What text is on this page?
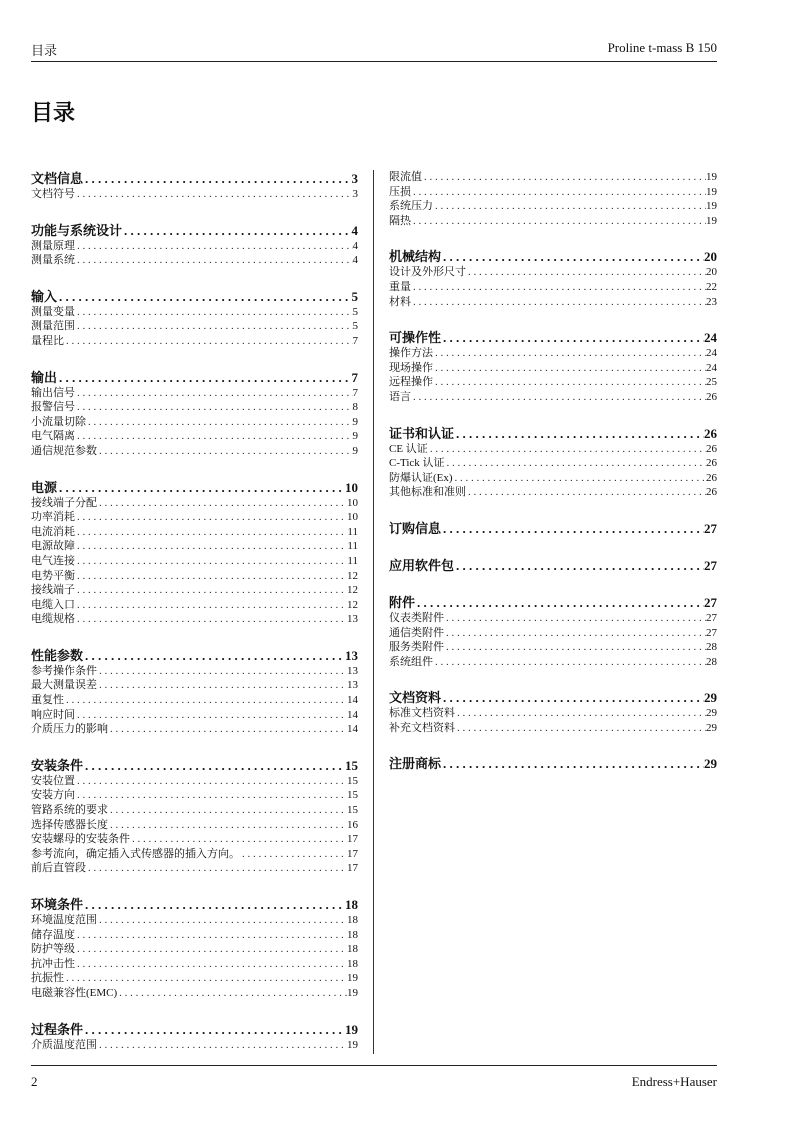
目录	Proline t-mass B 150
目录
文档信息 . . .	3
文档符号 . . .	3
功能与系统设计 . . .	4
测量原理 . . .	4
测量系统 . . .	4
输入 . . .	5
测量变量 . . .	5
测量范围 . . .	5
量程比 . . .	7
输出 . . .	7
输出信号 . . .	7
报警信号 . . .	8
小流量切除 . . .	9
电气隔离 . . .	9
通信规范参数 . . .	9
电源 . . .	10
接线端子分配 . . .	10
功率消耗 . . .	10
电流消耗 . . .	11
电源故障 . . .	11
电气连接 . . .	11
电势平衡 . . .	12
接线端子 . . .	12
电缆入口 . . .	12
电缆规格 . . .	13
性能参数 . . .	13
参考操作条件 . . .	13
最大测量误差 . . .	13
重复性 . . .	14
响应时间 . . .	14
介质压力的影响 . . .	14
安装条件 . . .	15
安装位置 . . .	15
安装方向 . . .	15
管路系统的要求 . . .	15
选择传感器长度 . . .	16
安装螺母的安装条件 . . .	17
参考流向，确定插入式传感器的插入方向。 . . .	17
前后直管段 . . .	17
环境条件 . . .	18
环境温度范围 . . .	18
储存温度 . . .	18
防护等级 . . .	18
抗冲击性 . . .	18
抗振性 . . .	19
电磁兼容性(EMC) . . .	19
过程条件 . . .	19
介质温度范围 . . .	19
限流值 . . .	19
压损 . . .	19
系统压力 . . .	19
隔热 . . .	19
机械结构 . . .	20
设计及外形尺寸 . . .	20
重量 . . .	22
材料 . . .	23
可操作性 . . .	24
操作方法 . . .	24
现场操作 . . .	24
远程操作 . . .	25
语言 . . .	26
证书和认证 . . .	26
CE 认证 . . .	26
C-Tick 认证 . . .	26
防爆认证(Ex) . . .	26
其他标准和准则 . . .	26
订购信息 . . .	27
应用软件包 . . .	27
附件 . . .	27
仪表类附件 . . .	27
通信类附件 . . .	27
服务类附件 . . .	28
系统组件 . . .	28
文档资料 . . .	29
标准文档资料 . . .	29
补充文档资料 . . .	29
注册商标 . . .	29
2	Endress+Hauser
